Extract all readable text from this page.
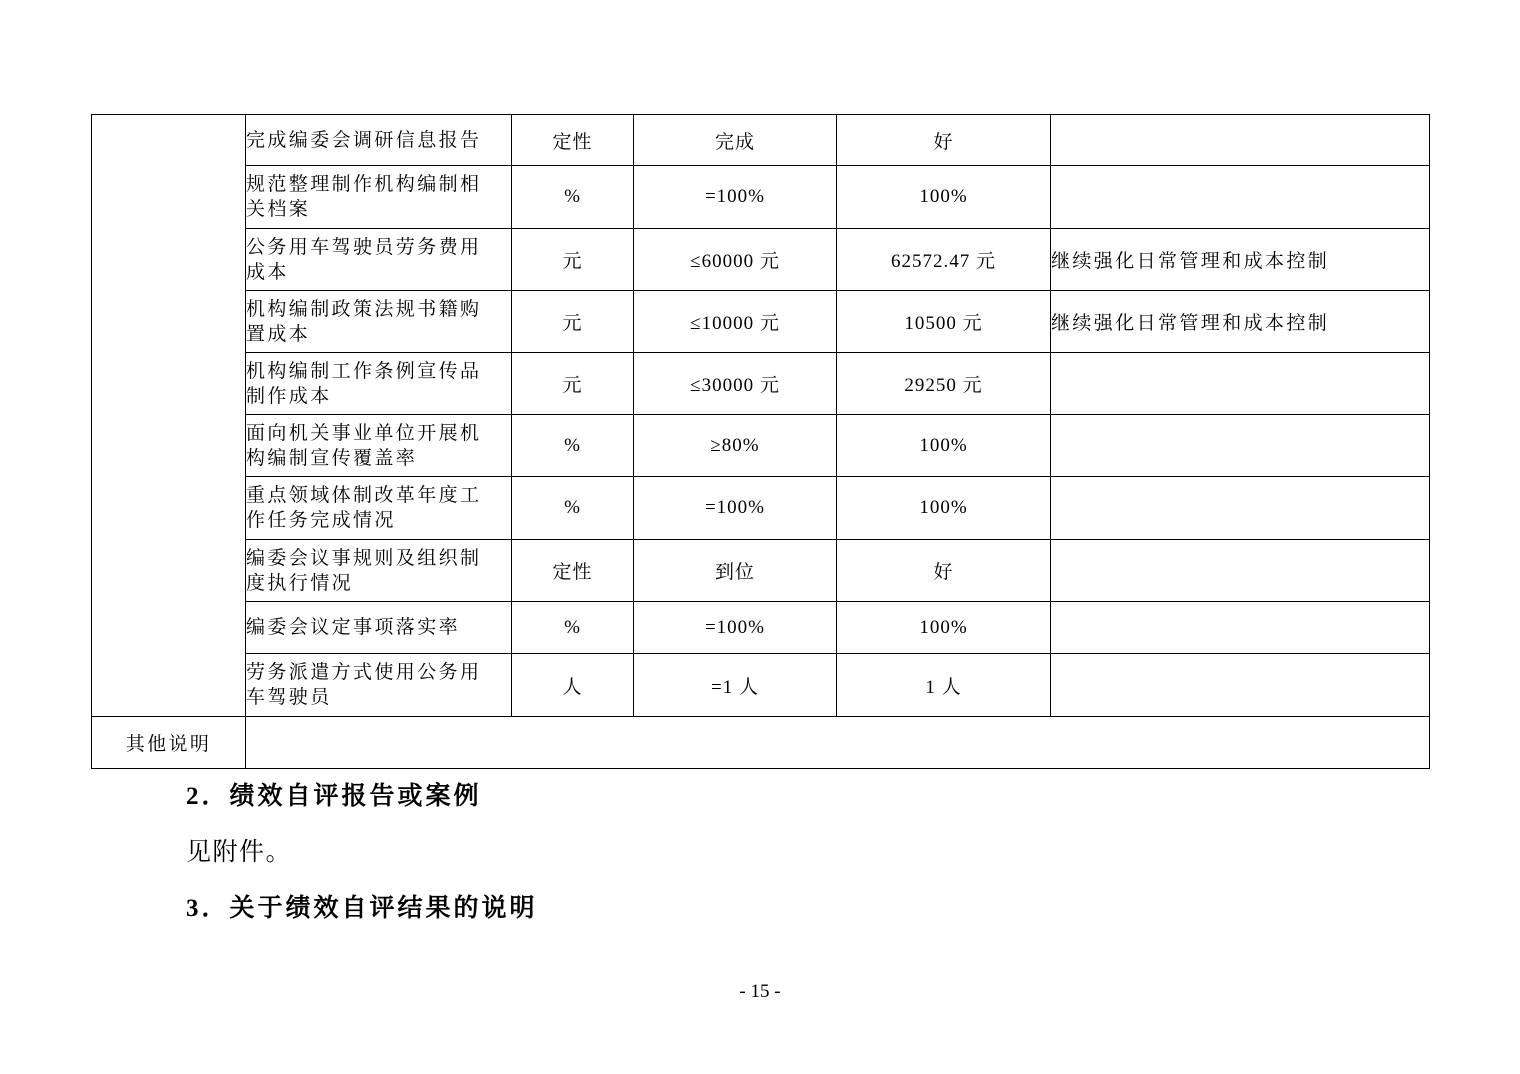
	完成编委会调研信息报告	定性	完成	好	

	规范整理制作机构编制相关档案	%	=100%	100%	

	公务用车驾驶员劳务费用成本	元	≤60000 元	62572.47 元	继续强化日常管理和成本控制

	机构编制政策法规书籍购置成本	元	≤10000 元	10500 元	继续强化日常管理和成本控制

	机构编制工作条例宣传品制作成本	元	≤30000 元	29250 元	

	面向机关事业单位开展机构编制宣传覆盖率	%	≥80%	100%	

	重点领域体制改革年度工作任务完成情况	%	=100%	100%	

	编委会议事规则及组织制度执行情况	定性	到位	好	

	编委会议定事项落实率	%	=100%	100%	

	劳务派遣方式使用公务用车驾驶员	人	=1 人	1 人	
其他说明					
2．绩效自评报告或案例
见附件。
3．关于绩效自评结果的说明
- 15 -
